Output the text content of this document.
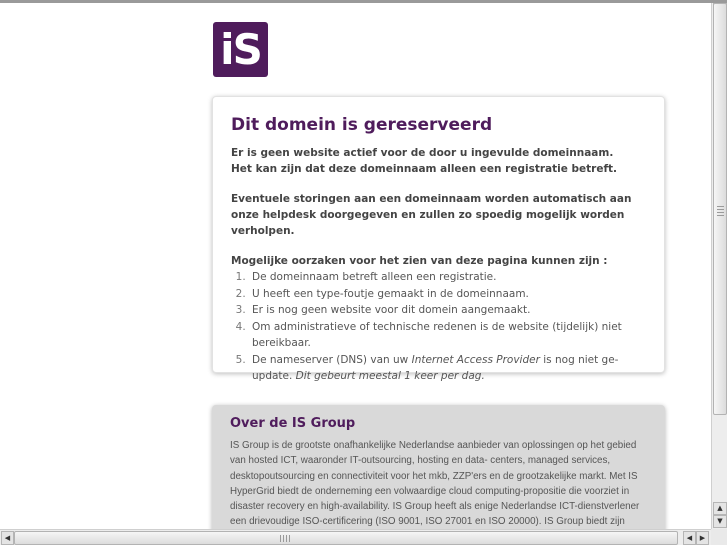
iS
Dit domein is gereserveerd

Er is geen website actief voor de door u ingevulde domeinnaam.
Het kan zijn dat deze domeinnaam alleen een registratie betreft.

Eventuele storingen aan een domeinnaam worden automatisch aan onze helpdesk doorgegeven en zullen zo spoedig mogelijk worden verholpen.

Mogelijke oorzaken voor het zien van deze pagina kunnen zijn :

1. De domeinnaam betreft alleen een registratie.
2. U heeft een type-foutje gemaakt in de domeinnaam.
3. Er is nog geen website voor dit domein aangemaakt.
4. Om administratieve of technische redenen is de website (tijdelijk) niet bereikbaar.
5. De nameserver (DNS) van uw Internet Access Provider is nog niet ge-update. Dit gebeurt meestal 1 keer per dag.
Over de IS Group

IS Group is de grootste onafhankelijke Nederlandse aanbieder van oplossingen op het gebied van hosted ICT, waaronder IT-outsourcing, hosting en data- centers, managed services, desktopoutsourcing en connectiviteit voor het mkb, ZZP'ers en de grootzakelijke markt. Met IS HyperGrid biedt de onderneming een volwaardige cloud computing-propositie die voorziet in disaster recovery en high-availability. IS Group heeft als enige Nederlandse ICT-dienstverlener een drievoudige ISO-certificering (ISO 9001, ISO 27001 en ISO 20000). IS Group biedt zijn

▲
▼
◀	◀	▶
